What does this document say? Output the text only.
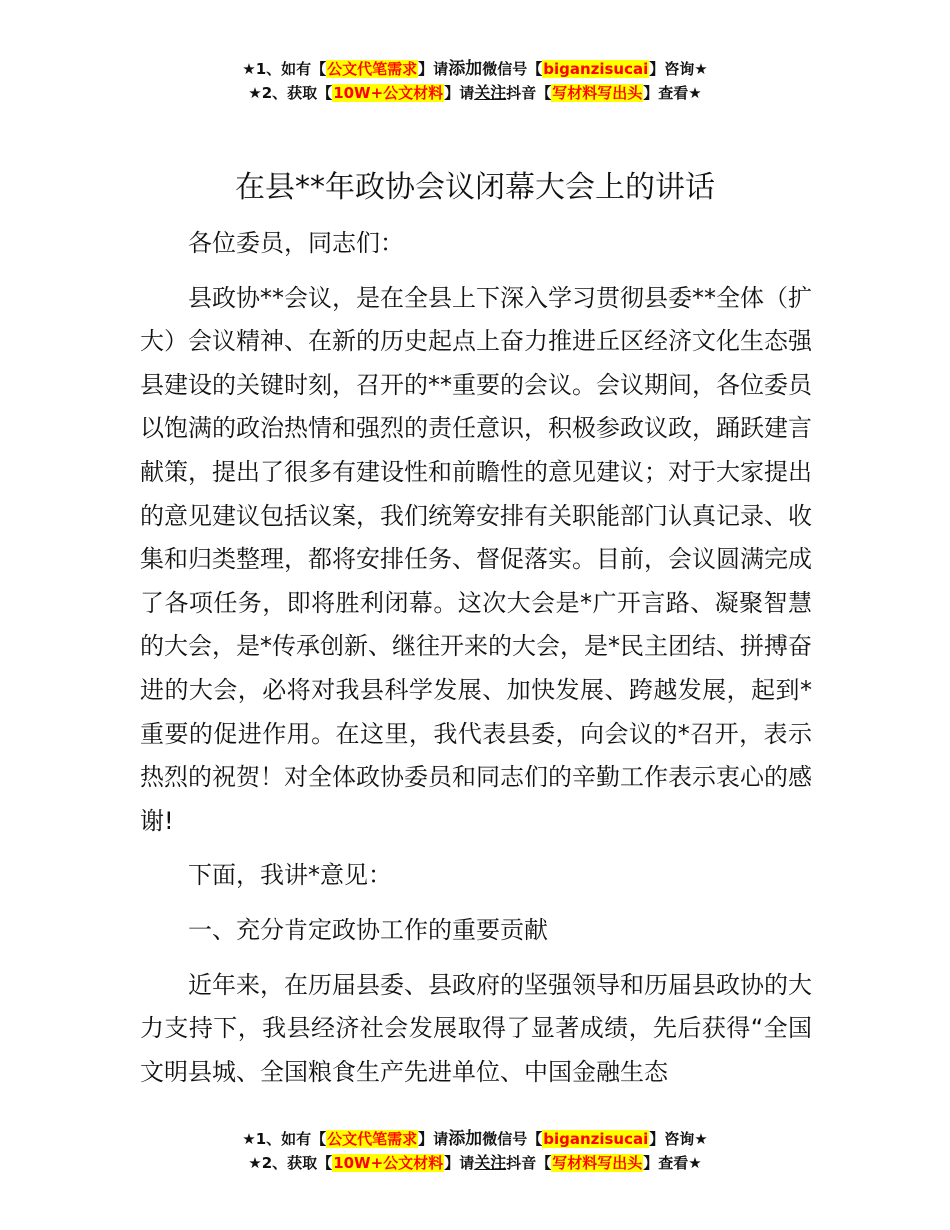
★1、如有【公文代笔需求】请添加微信号【biganzisucai】咨询★
★2、获取【10W+公文材料】请关注抖音【写材料写出头】查看★
在县**年政协会议闭幕大会上的讲话

各位委员，同志们：

县政协**会议，是在全县上下深入学习贯彻县委**全体（扩大）会议精神、在新的历史起点上奋力推进丘区经济文化生态强县建设的关键时刻，召开的**重要的会议。会议期间，各位委员以饱满的政治热情和强烈的责任意识，积极参政议政，踊跃建言献策，提出了很多有建设性和前瞻性的意见建议；对于大家提出的意见建议包括议案，我们统筹安排有关职能部门认真记录、收集和归类整理，都将安排任务、督促落实。目前，会议圆满完成了各项任务，即将胜利闭幕。这次大会是*广开言路、凝聚智慧的大会，是*传承创新、继往开来的大会，是*民主团结、拼搏奋进的大会，必将对我县科学发展、加快发展、跨越发展，起到*重要的促进作用。在这里，我代表县委，向会议的*召开，表示热烈的祝贺！对全体政协委员和同志们的辛勤工作表示衷心的感谢!

下面，我讲*意见：

一、充分肯定政协工作的重要贡献

近年来，在历届县委、县政府的坚强领导和历届县政协的大力支持下，我县经济社会发展取得了显著成绩，先后获得“全国文明县城、全国粮食生产先进单位、中国金融生态

★1、如有【公文代笔需求】请添加微信号【biganzisucai】咨询★
★2、获取【10W+公文材料】请关注抖音【写材料写出头】查看★
